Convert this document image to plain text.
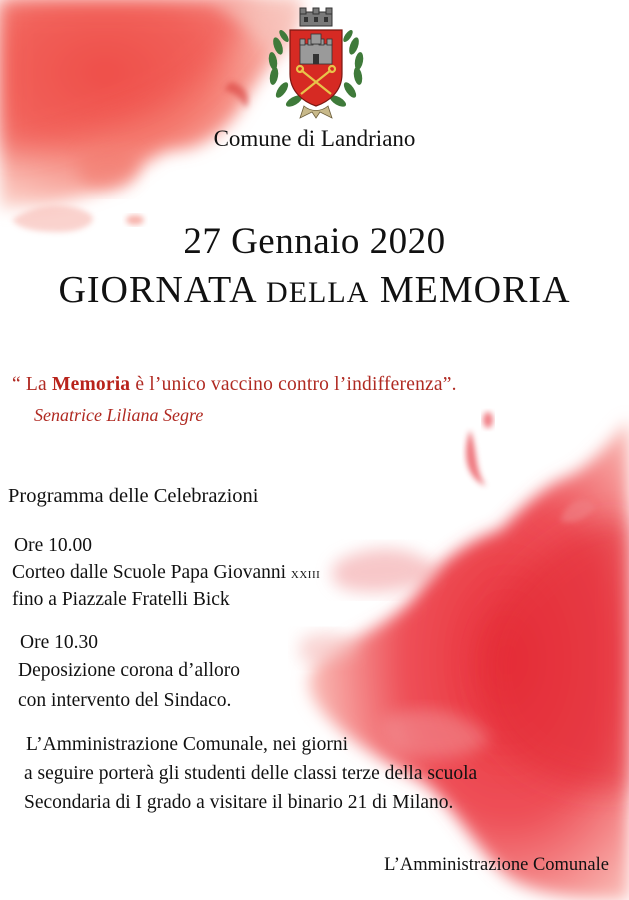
Comune di Landriano
27 Gennaio 2020
GIORNATA DELLA MEMORIA
“ La Memoria è l’unico vaccino contro l’indifferenza”.
Senatrice Liliana Segre
Programma delle Celebrazioni
Ore 10.00
Corteo dalle Scuole Papa Giovanni XXIII
fino a Piazzale Fratelli Bick
Ore 10.30
Deposizione corona d’alloro
con intervento del Sindaco.
L’Amministrazione Comunale, nei giorni
a seguire porterà gli studenti delle classi terze della scuola
Secondaria di I grado a visitare il binario 21 di Milano.
L’Amministrazione Comunale
